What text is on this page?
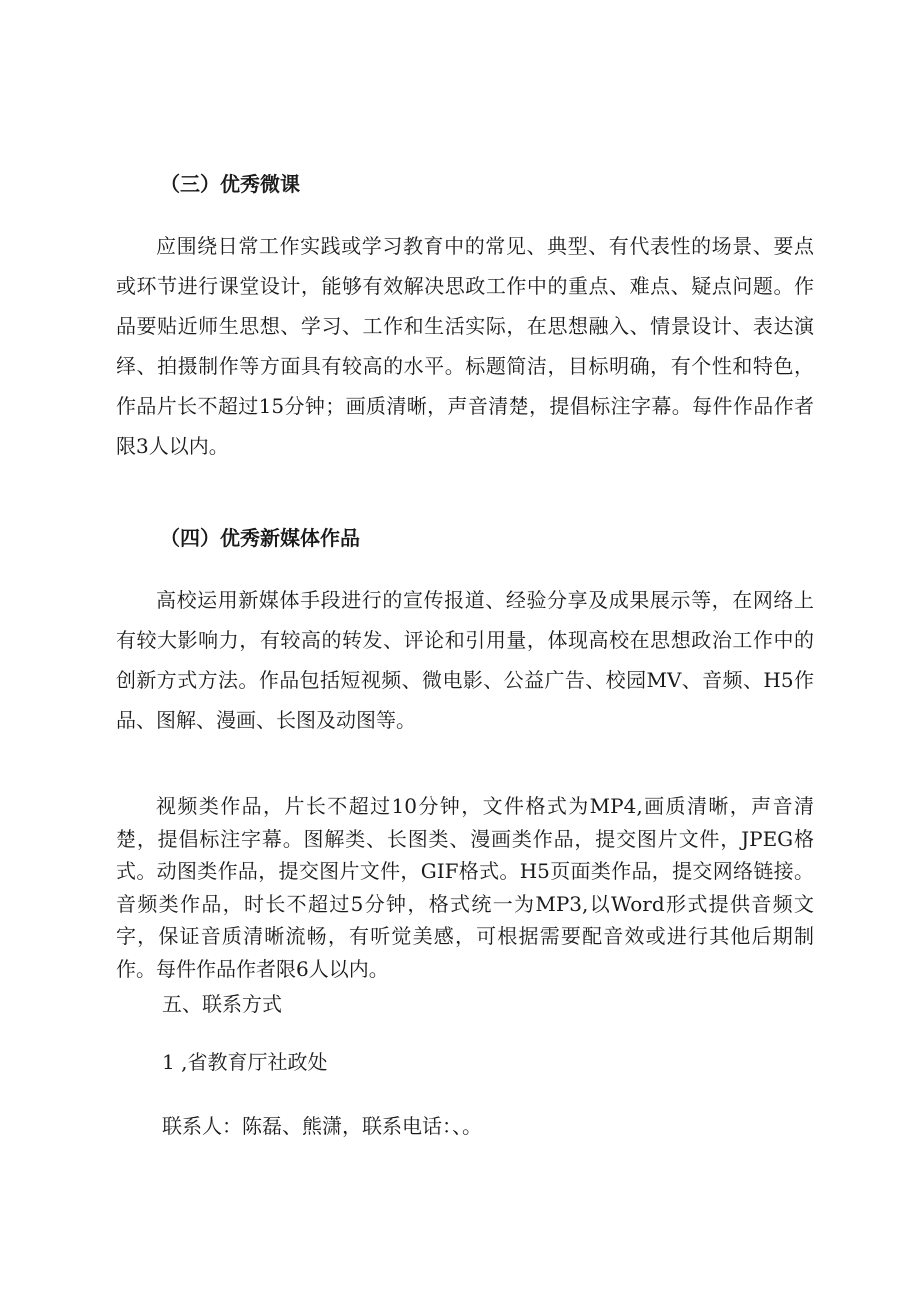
（三）优秀微课
应围绕日常工作实践或学习教育中的常见、典型、有代表性的场景、要点或环节进行课堂设计，能够有效解决思政工作中的重点、难点、疑点问题。作品要贴近师生思想、学习、工作和生活实际，在思想融入、情景设计、表达演绎、拍摄制作等方面具有较高的水平。标题简洁，目标明确，有个性和特色，作品片长不超过15分钟；画质清晰，声音清楚，提倡标注字幕。每件作品作者限3人以内。
（四）优秀新媒体作品
高校运用新媒体手段进行的宣传报道、经验分享及成果展示等，在网络上有较大影响力，有较高的转发、评论和引用量，体现高校在思想政治工作中的创新方式方法。作品包括短视频、微电影、公益广告、校园MV、音频、H5作品、图解、漫画、长图及动图等。
视频类作品，片长不超过10分钟，文件格式为MP4,画质清晰，声音清楚，提倡标注字幕。图解类、长图类、漫画类作品，提交图片文件，JPEG格式。动图类作品，提交图片文件，GIF格式。H5页面类作品，提交网络链接。音频类作品，时长不超过5分钟，格式统一为MP3,以Word形式提供音频文字，保证音质清晰流畅，有听觉美感，可根据需要配音效或进行其他后期制作。每件作品作者限6人以内。
五、联系方式
1 ,省教育厅社政处
联系人：陈磊、熊潇，联系电话：、。
